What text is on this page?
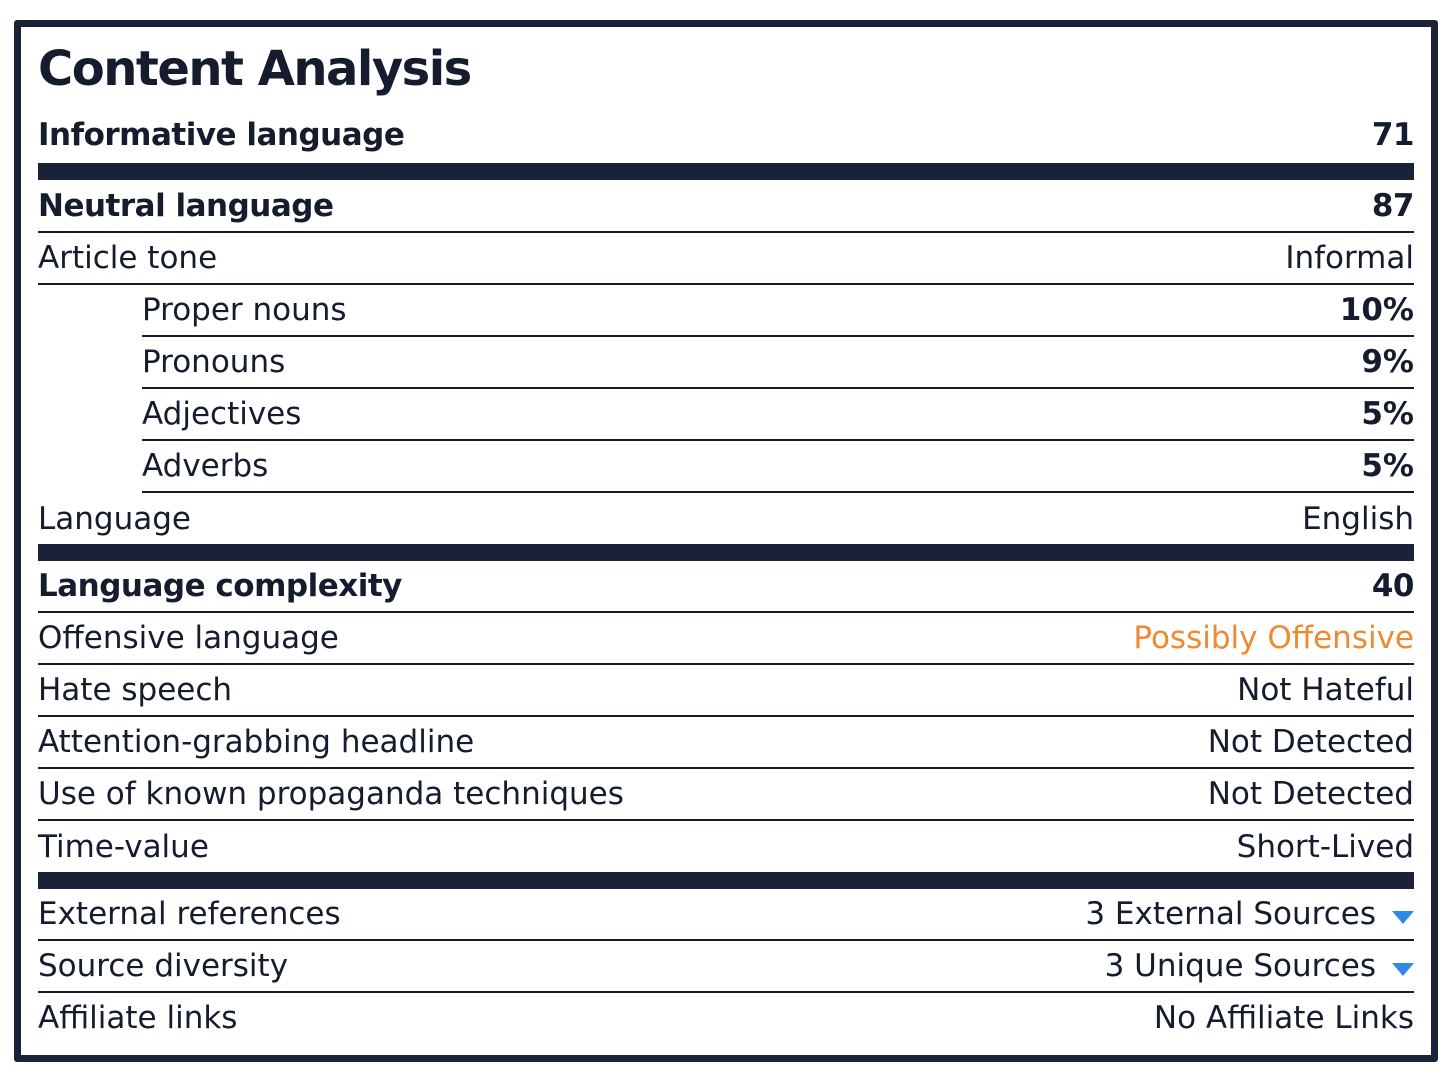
Content Analysis
Informative language	71
Neutral language	87
Article tone	Informal
Proper nouns	10%
Pronouns	9%
Adjectives	5%
Adverbs	5%
Language	English
Language complexity	40
Offensive language	Possibly Offensive
Hate speech	Not Hateful
Attention-grabbing headline	Not Detected
Use of known propaganda techniques	Not Detected
Time-value	Short-Lived
External references	3 External Sources
Source diversity	3 Unique Sources
Affiliate links	No Affiliate Links
